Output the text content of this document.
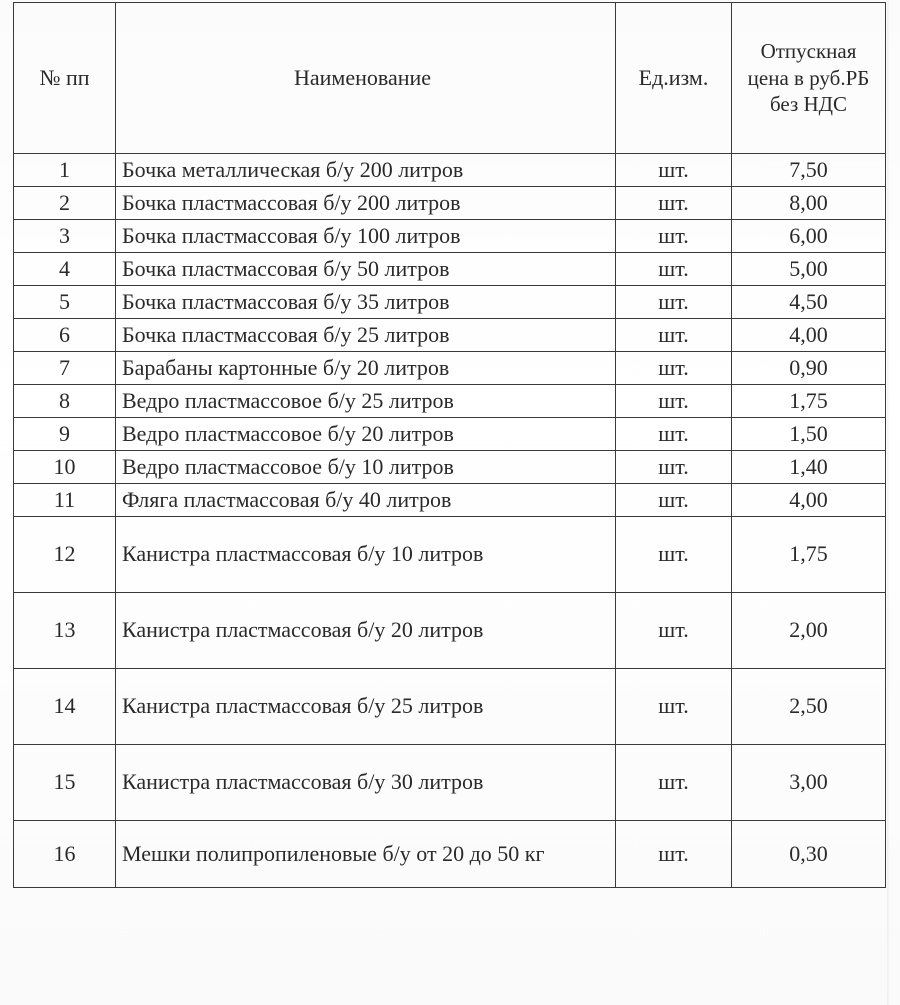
№ пп	Наименование	Ед.изм.	Отпускная цена в руб.РБ без НДС
1	Бочка металлическая б/у 200 литров	шт.	7,50
2	Бочка пластмассовая б/у 200 литров	шт.	8,00
3	Бочка пластмассовая б/у 100 литров	шт.	6,00
4	Бочка пластмассовая б/у 50 литров	шт.	5,00
5	Бочка пластмассовая б/у 35 литров	шт.	4,50
6	Бочка пластмассовая б/у 25 литров	шт.	4,00
7	Барабаны картонные б/у 20 литров	шт.	0,90
8	Ведро пластмассовое б/у 25 литров	шт.	1,75
9	Ведро пластмассовое б/у 20 литров	шт.	1,50
10	Ведро пластмассовое б/у 10 литров	шт.	1,40
11	Фляга пластмассовая б/у 40 литров	шт.	4,00
12	Канистра пластмассовая б/у 10 литров	шт.	1,75
13	Канистра пластмассовая б/у 20 литров	шт.	2,00
14	Канистра пластмассовая б/у 25 литров	шт.	2,50
15	Канистра пластмассовая б/у 30 литров	шт.	3,00
16	Мешки полипропиленовые б/у от 20 до 50 кг	шт.	0,30
